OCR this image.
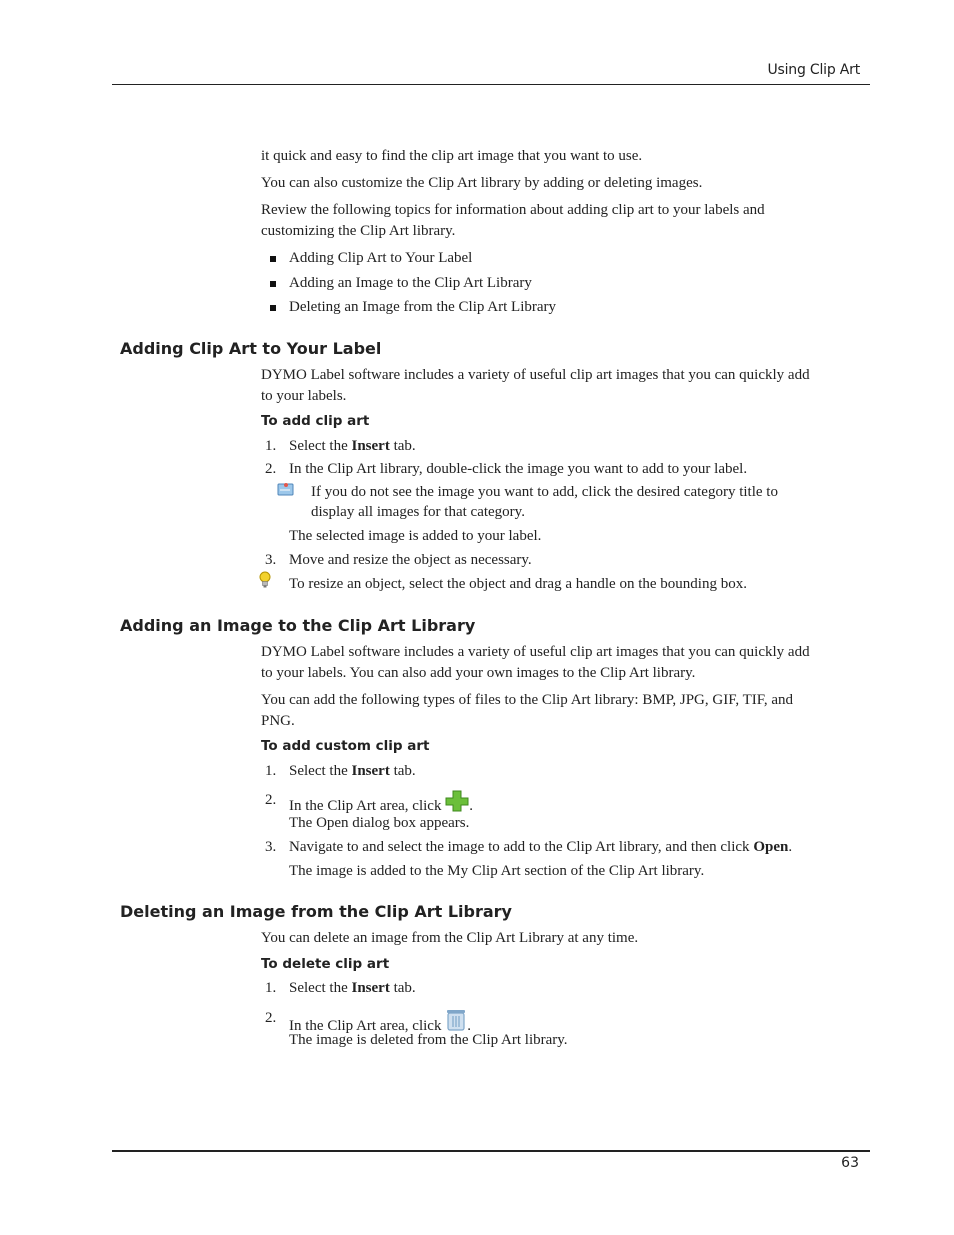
Using Clip Art
it quick and easy to find the clip art image that you want to use.
You can also customize the Clip Art library by adding or deleting images.
Review the following topics for information about adding clip art to your labels and
customizing the Clip Art library.
Adding Clip Art to Your Label
Adding an Image to the Clip Art Library
Deleting an Image from the Clip Art Library
Adding Clip Art to Your Label
DYMO Label software includes a variety of useful clip art images that you can quickly add
to your labels.
To add clip art
1. Select the Insert tab.
2. In the Clip Art library, double-click the image you want to add to your label.
If you do not see the image you want to add, click the desired category title to
display all images for that category.
The selected image is added to your label.
3. Move and resize the object as necessary.
To resize an object, select the object and drag a handle on the bounding box.
Adding an Image to the Clip Art Library
DYMO Label software includes a variety of useful clip art images that you can quickly add
to your labels. You can also add your own images to the Clip Art library.
You can add the following types of files to the Clip Art library: BMP, JPG, GIF, TIF, and
PNG.
To add custom clip art
1. Select the Insert tab.
2. In the Clip Art area, click .
The Open dialog box appears.
3. Navigate to and select the image to add to the Clip Art library, and then click Open.
The image is added to the My Clip Art section of the Clip Art library.
Deleting an Image from the Clip Art Library
You can delete an image from the Clip Art Library at any time.
To delete clip art
1. Select the Insert tab.
2. In the Clip Art area, click .
The image is deleted from the Clip Art library.
63
